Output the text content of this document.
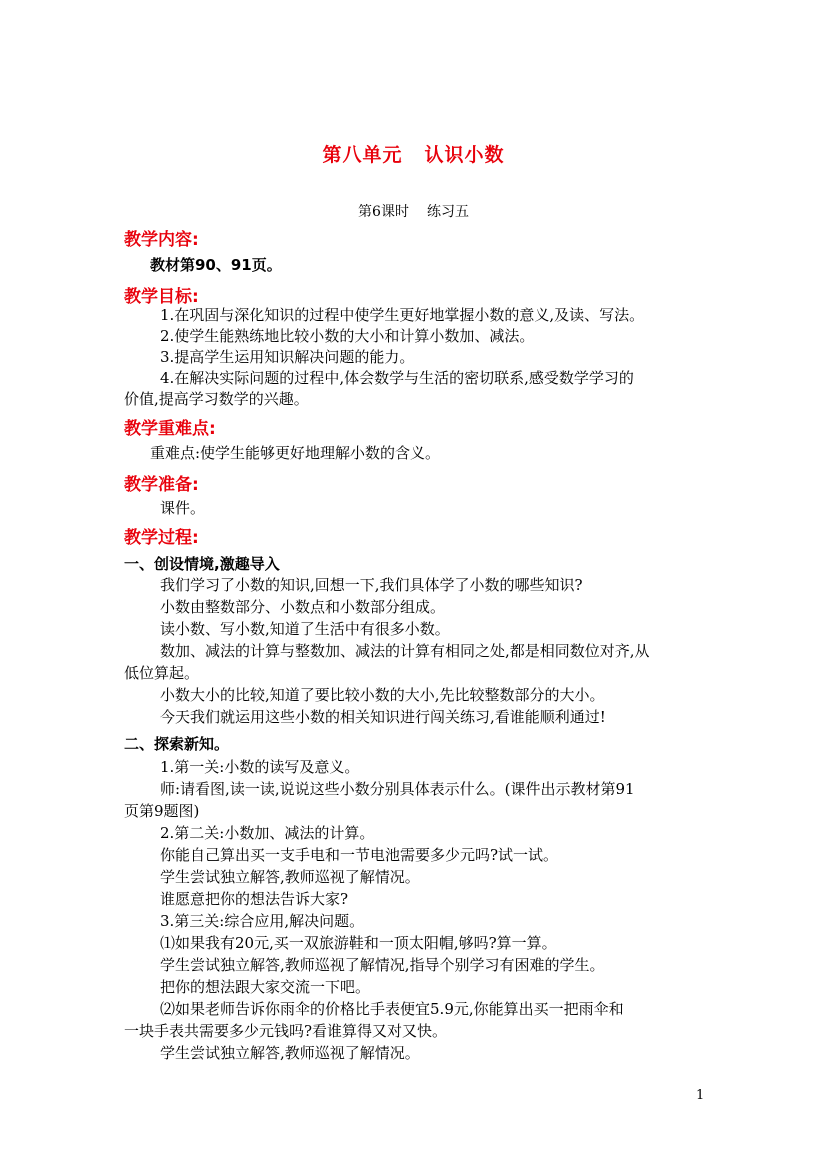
第八单元 认识小数
第6课时 练习五
教学内容:
教材第90、91页。
教学目标:
1.在巩固与深化知识的过程中使学生更好地掌握小数的意义,及读、写法。
2.使学生能熟练地比较小数的大小和计算小数加、减法。
3.提高学生运用知识解决问题的能力。
4.在解决实际问题的过程中,体会数学与生活的密切联系,感受数学学习的
价值,提高学习数学的兴趣。
教学重难点:
重难点:使学生能够更好地理解小数的含义。
教学准备:
课件。
教学过程:
一、创设情境,激趣导入
我们学习了小数的知识,回想一下,我们具体学了小数的哪些知识?
小数由整数部分、小数点和小数部分组成。
读小数、写小数,知道了生活中有很多小数。
数加、减法的计算与整数加、减法的计算有相同之处,都是相同数位对齐,从
低位算起。
小数大小的比较,知道了要比较小数的大小,先比较整数部分的大小。
今天我们就运用这些小数的相关知识进行闯关练习,看谁能顺利通过!
二、探索新知。
1.第一关:小数的读写及意义。
师:请看图,读一读,说说这些小数分别具体表示什么。(课件出示教材第91
页第9题图)
2.第二关:小数加、减法的计算。
你能自己算出买一支手电和一节电池需要多少元吗?试一试。
学生尝试独立解答,教师巡视了解情况。
谁愿意把你的想法告诉大家?
3.第三关:综合应用,解决问题。
⑴如果我有20元,买一双旅游鞋和一顶太阳帽,够吗?算一算。
学生尝试独立解答,教师巡视了解情况,指导个别学习有困难的学生。
把你的想法跟大家交流一下吧。
⑵如果老师告诉你雨伞的价格比手表便宜5.9元,你能算出买一把雨伞和
一块手表共需要多少元钱吗?看谁算得又对又快。
学生尝试独立解答,教师巡视了解情况。
1
